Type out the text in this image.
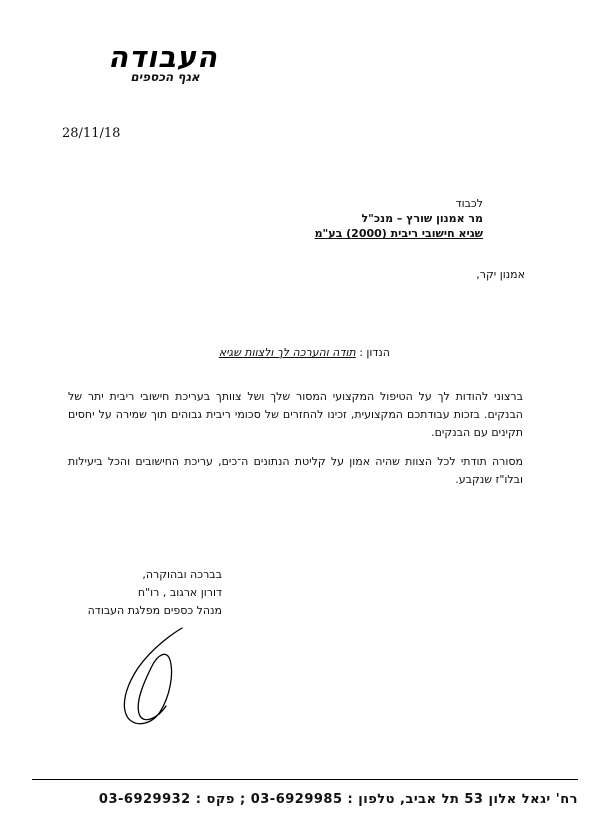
העבודה
אגף הכספים
28/11/18
לכבוד
מר אמנון שורץ – מנכ"ל
שגיא חישובי ריבית (2000) בע"מ
אמנון יקר,
הנדון : תודה והערכה לך ולצוות שגיא
ברצוני להודות לך על הטיפול המקצועי המסור שלך ושל צוותך בעריכת חישובי ריבית יתר של הבנקים. בזכות עבודתכם המקצועית, זכינו להחזרים של סכומי ריבית גבוהים תוך שמירה על יחסים תקינים עם הבנקים.
מסורה תודתי לכל הצוות שהיה אמון על קליטת הנתונים ה־כים, עריכת החישובים והכל ביעילות ובלו"ז שנקבע.
בברכה ובהוקרה,
דורון ארגוב , רו"ח
מנהל כספים מפלגת העבודה
רח' יגאל אלון 53 תל אביב, טלפון : 03-6929985 ; פקס : 03-6929932
